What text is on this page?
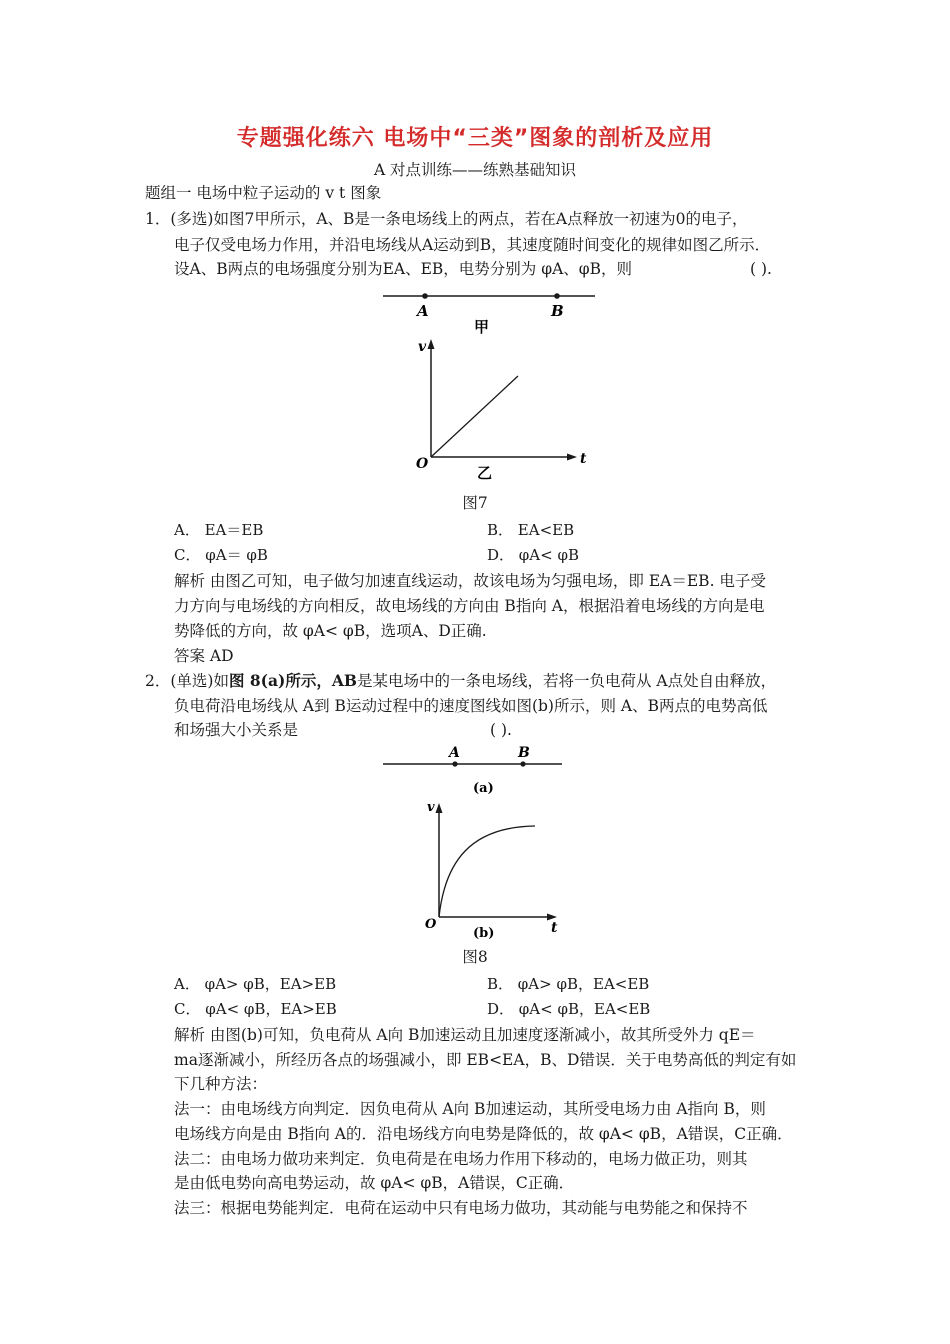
专题强化练六 电场中“三类”图象的剖析及应用
A 对点训练——练熟基础知识
题组一 电场中粒子运动的 v t 图象
1．(多选)如图7甲所示，A、B是一条电场线上的两点，若在A点释放一初速为0的电子，
电子仅受电场力作用，并沿电场线从A运动到B，其速度随时间变化的规律如图乙所示．
设A、B两点的电场强度分别为EA、EB，电势分别为 φA、φB，则	( ).
A	B
甲
v
t
O	乙
图7
A． EA＝EB	B． EA<EB
C． φA＝ φB	D． φA< φB
解析 由图乙可知，电子做匀加速直线运动，故该电场为匀强电场，即 EA＝EB. 电子受
力方向与电场线的方向相反，故电场线的方向由 B指向 A，根据沿着电场线的方向是电
势降低的方向，故 φA< φB，选项A、D正确.
答案 AD
2．(单选)如图 8(a)所示，AB是某电场中的一条电场线，若将一负电荷从 A点处自由释放，
负电荷沿电场线从 A到 B运动过程中的速度图线如图(b)所示，则 A、B两点的电势高低
和场强大小关系是	( ).
A	B
(a)
v
t
O
(b)
图8
A． φA> φB，EA>EB	B． φA> φB，EA<EB
C． φA< φB，EA>EB	D． φA< φB，EA<EB
解析 由图(b)可知，负电荷从 A向 B加速运动且加速度逐渐减小，故其所受外力 qE＝
ma逐渐减小，所经历各点的场强减小，即 EB<EA，B、D错误．关于电势高低的判定有如
下几种方法：
法一：由电场线方向判定．因负电荷从 A向 B加速运动，其所受电场力由 A指向 B，则
电场线方向是由 B指向 A的．沿电场线方向电势是降低的，故 φA< φB，A错误，C正确．
法二：由电场力做功来判定．负电荷是在电场力作用下移动的，电场力做正功，则其
是由低电势向高电势运动，故 φA< φB，A错误，C正确．
法三：根据电势能判定．电荷在运动中只有电场力做功，其动能与电势能之和保持不
